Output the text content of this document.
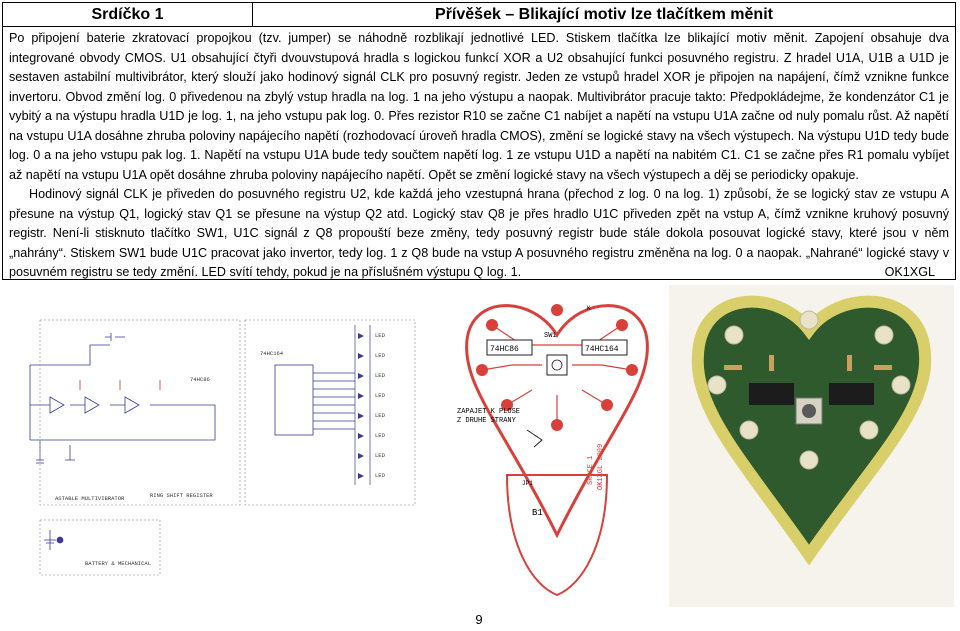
Srdíčko 1	Přívěšek – Blikající motiv lze tlačítkem měnit

Po připojení baterie zkratovací propojkou (tzv. jumper) se náhodně rozblikají jednotlivé LED. Stiskem tlačítka lze blikající motiv měnit. Zapojení obsahuje dva integrované obvody CMOS. U1 obsahující čtyři dvouvstupová hradla s logickou funkcí XOR a U2 obsahující funkci posuvného registru. Z hradel U1A, U1B a U1D je sestaven astabilní multivibrátor, který slouží jako hodinový signál CLK pro posuvný registr. Jeden ze vstupů hradel XOR je připojen na napájení, čímž vznikne funkce invertoru. Obvod změní log. 0 přivedenou na zbylý vstup hradla na log. 1 na jeho výstupu a naopak. Multivibrátor pracuje takto: Předpokládejme, že kondenzátor C1 je vybitý a na výstupu hradla U1D je log. 1, na jeho vstupu pak log. 0. Přes rezistor R10 se začne C1 nabíjet a napětí na vstupu U1A začne od nuly pomalu růst. Až napětí na vstupu U1A dosáhne zhruba poloviny napájecího napětí (rozhodovací úroveň hradla CMOS), změní se logické stavy na všech výstupech. Na výstupu U1D tedy bude log. 0 a na jeho vstupu pak log. 1. Napětí na vstupu U1A bude tedy součtem napětí log. 1 ze vstupu U1D a napětí na nabitém C1. C1 se začne přes R1 pomalu vybíjet až napětí na vstupu U1A opět dosáhne zhruba poloviny napájecího napětí. Opět se změní logické stavy na všech výstupech a děj se periodicky opakuje.

Hodinový signál CLK je přiveden do posuvného registru U2, kde každá jeho vzestupná hrana (přechod z log. 0 na log. 1) způsobí, že se logický stav ze vstupu A přesune na výstup Q1, logický stav Q1 se přesune na výstup Q2 atd. Logický stav Q8 je přes hradlo U1C přiveden zpět na vstup A, čímž vznikne kruhový posuvný registr. Není-li stisknuto tlačítko SW1, U1C signál z Q8 propouští beze změny, tedy posuvný registr bude stále dokola posouvat logické stavy, které jsou v něm „nahrány“. Stiskem SW1 bude U1C pracovat jako invertor, tedy log. 1 z Q8 bude na vstup A posuvného registru změněna na log. 0 a naopak. „Nahrané“ logické stavy v posuvném registru se tedy změní. LED svítí tehdy, pokud je na příslušném výstupu Q log. 1.	OK1XGL

ASTABLE MULTIVIBRATOR	RING SHIFT REGISTER
BATTERY & MECHANICAL
74HC164
74HC86
LED
LED
LED
LED
LED
LED
LED
LED
74HC86	74HC164
SW1
ZAPAJET K PLOSE
Z DRUHE STRANY
B1
SRDCE 1 OK1XGL 2009
JP1
K
9
